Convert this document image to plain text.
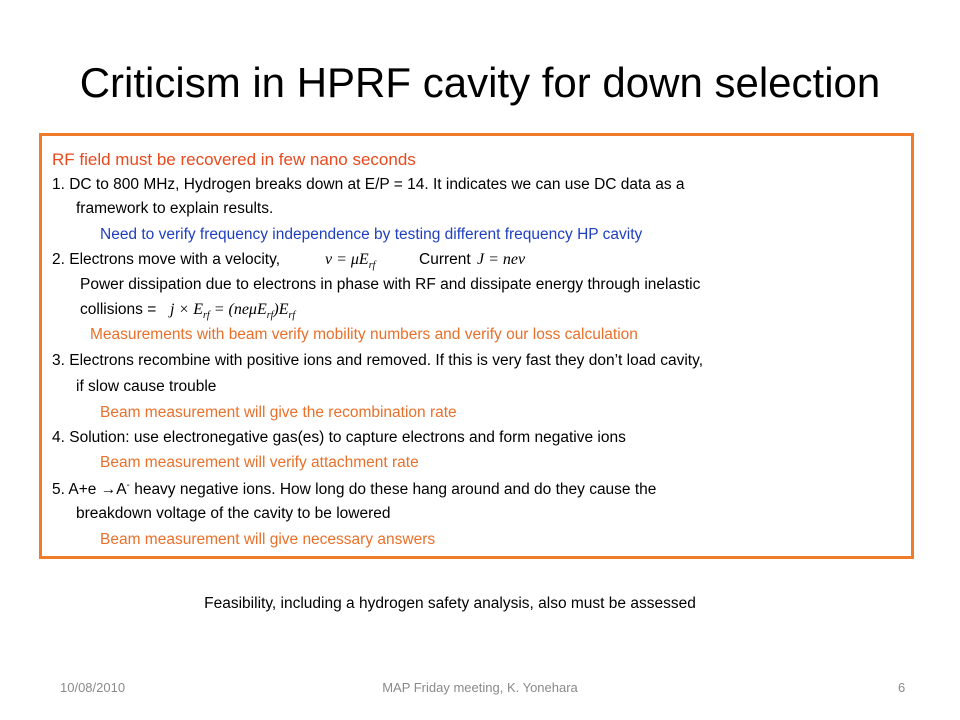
Criticism in HPRF cavity for down selection
RF field must be recovered in few nano seconds
1. DC to 800 MHz, Hydrogen breaks down at E/P = 14. It indicates we can use DC data as a
framework to explain results.
Need to verify frequency independence by testing different frequency HP cavity
2. Electrons move with a velocity,	$v = \mu E_{rf}$	Current J = nev
Power dissipation due to electrons in phase with RF and dissipate energy through inelastic
collisions = $j \times E_{rf} = (ne\mu E_{rf})E_{rf}$
Measurements with beam verify mobility numbers and verify our loss calculation
3. Electrons recombine with positive ions and removed. If this is very fast they don’t load cavity,
if slow cause trouble
Beam measurement will give the recombination rate
4. Solution: use electronegative gas(es) to capture electrons and form negative ions
Beam measurement will verify attachment rate
5. A+e →A- heavy negative ions. How long do these hang around and do they cause the
breakdown voltage of the cavity to be lowered
Beam measurement will give necessary answers
Feasibility, including a hydrogen safety analysis, also must be assessed
10/08/2010	MAP Friday meeting, K. Yonehara	6
